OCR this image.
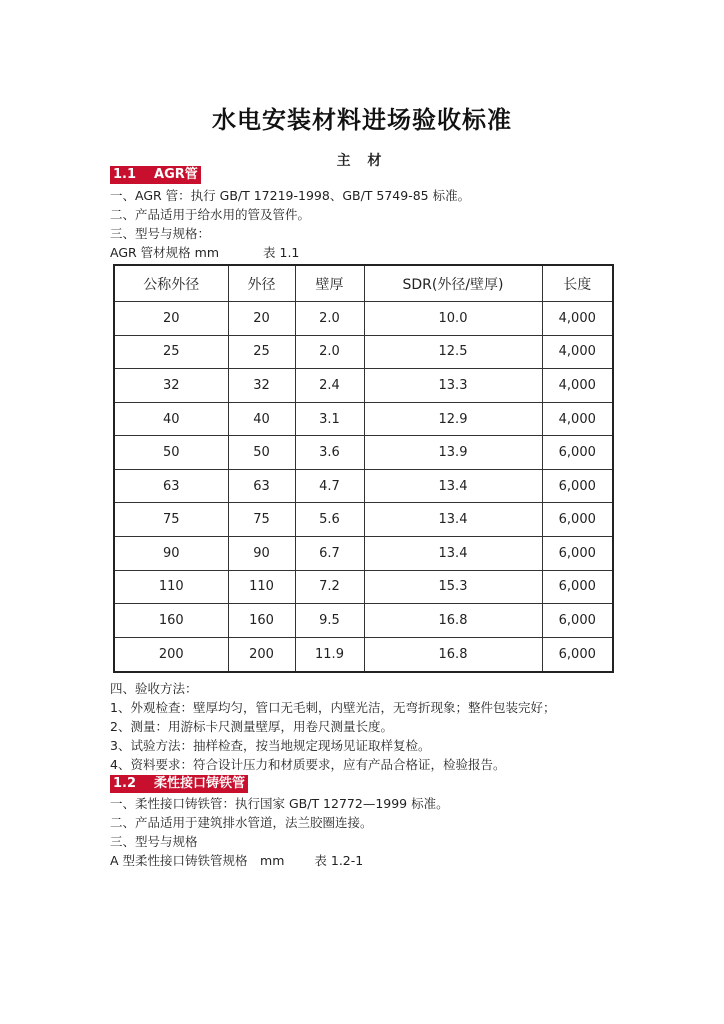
水电安装材料进场验收标准
主 材
1.1 AGR管
一、AGR 管：执行 GB/T 17219-1998、GB/T 5749-85 标准。
二、产品适用于给水用的管及管件。
三、型号与规格：
AGR 管材规格 mm	表 1.1
公称外径	外径	壁厚	SDR(外径/壁厚)	长度
20	20	2.0	10.0	4,000
25	25	2.0	12.5	4,000
32	32	2.4	13.3	4,000
40	40	3.1	12.9	4,000
50	50	3.6	13.9	6,000
63	63	4.7	13.4	6,000
75	75	5.6	13.4	6,000
90	90	6.7	13.4	6,000
110	110	7.2	15.3	6,000
160	160	9.5	16.8	6,000
200	200	11.9	16.8	6,000
四、验收方法：
1、外观检查：壁厚均匀，管口无毛刺，内壁光洁，无弯折现象；整件包装完好；
2、测量：用游标卡尺测量壁厚，用卷尺测量长度。
3、试验方法：抽样检查，按当地规定现场见证取样复检。
4、资料要求：符合设计压力和材质要求，应有产品合格证，检验报告。
1.2 柔性接口铸铁管
一、柔性接口铸铁管：执行国家 GB/T 12772—1999 标准。
二、产品适用于建筑排水管道，法兰胶圈连接。
三、型号与规格
A 型柔性接口铸铁管规格　mm 表 1.2-1
